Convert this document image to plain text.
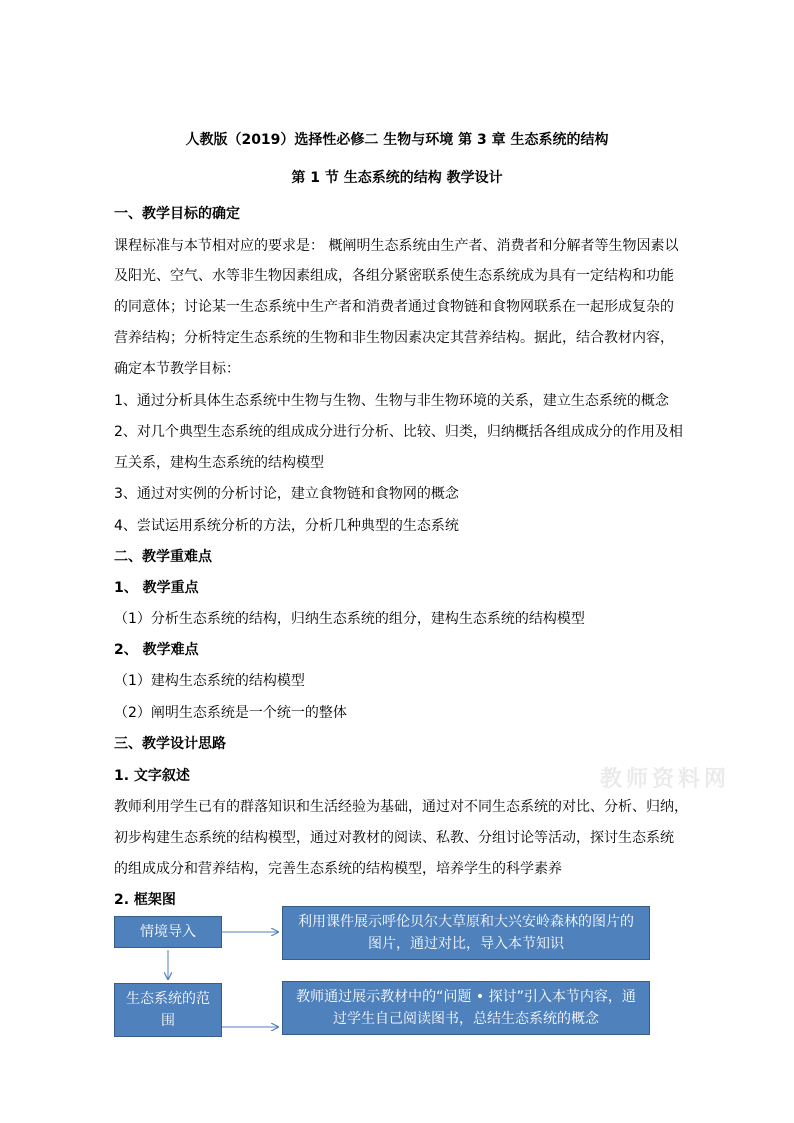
人教版（2019）选择性必修二 生物与环境 第 3 章 生态系统的结构
第 1 节 生态系统的结构 教学设计
一、教学目标的确定
课程标准与本节相对应的要求是： 概阐明生态系统由生产者、消费者和分解者等生物因素以
及阳光、空气、水等非生物因素组成，各组分紧密联系使生态系统成为具有一定结构和功能
的同意体；讨论某一生态系统中生产者和消费者通过食物链和食物网联系在一起形成复杂的
营养结构；分析特定生态系统的生物和非生物因素决定其营养结构。据此，结合教材内容，
确定本节教学目标：
1、通过分析具体生态系统中生物与生物、生物与非生物环境的关系，建立生态系统的概念
2、对几个典型生态系统的组成成分进行分析、比较、归类，归纳概括各组成成分的作用及相
互关系，建构生态系统的结构模型
3、通过对实例的分析讨论，建立食物链和食物网的概念
4、尝试运用系统分析的方法，分析几种典型的生态系统
二、教学重难点
1、 教学重点
（1）分析生态系统的结构，归纳生态系统的组分，建构生态系统的结构模型
2、 教学难点
（1）建构生态系统的结构模型
（2）阐明生态系统是一个统一的整体
三、教学设计思路
1. 文字叙述
教师利用学生已有的群落知识和生活经验为基础，通过对不同生态系统的对比、分析、归纳，
初步构建生态系统的结构模型，通过对教材的阅读、私教、分组讨论等活动，探讨生态系统
的组成成分和营养结构，完善生态系统的结构模型，培养学生的科学素养
2. 框架图
教师资料网
情境导入
利用课件展示呼伦贝尔大草原和大兴安岭森林的图片的图片，通过对比，导入本节知识
生态系统的范围
教师通过展示教材中的“问题 • 探讨”引入本节内容，通过学生自己阅读图书，总结生态系统的概念
